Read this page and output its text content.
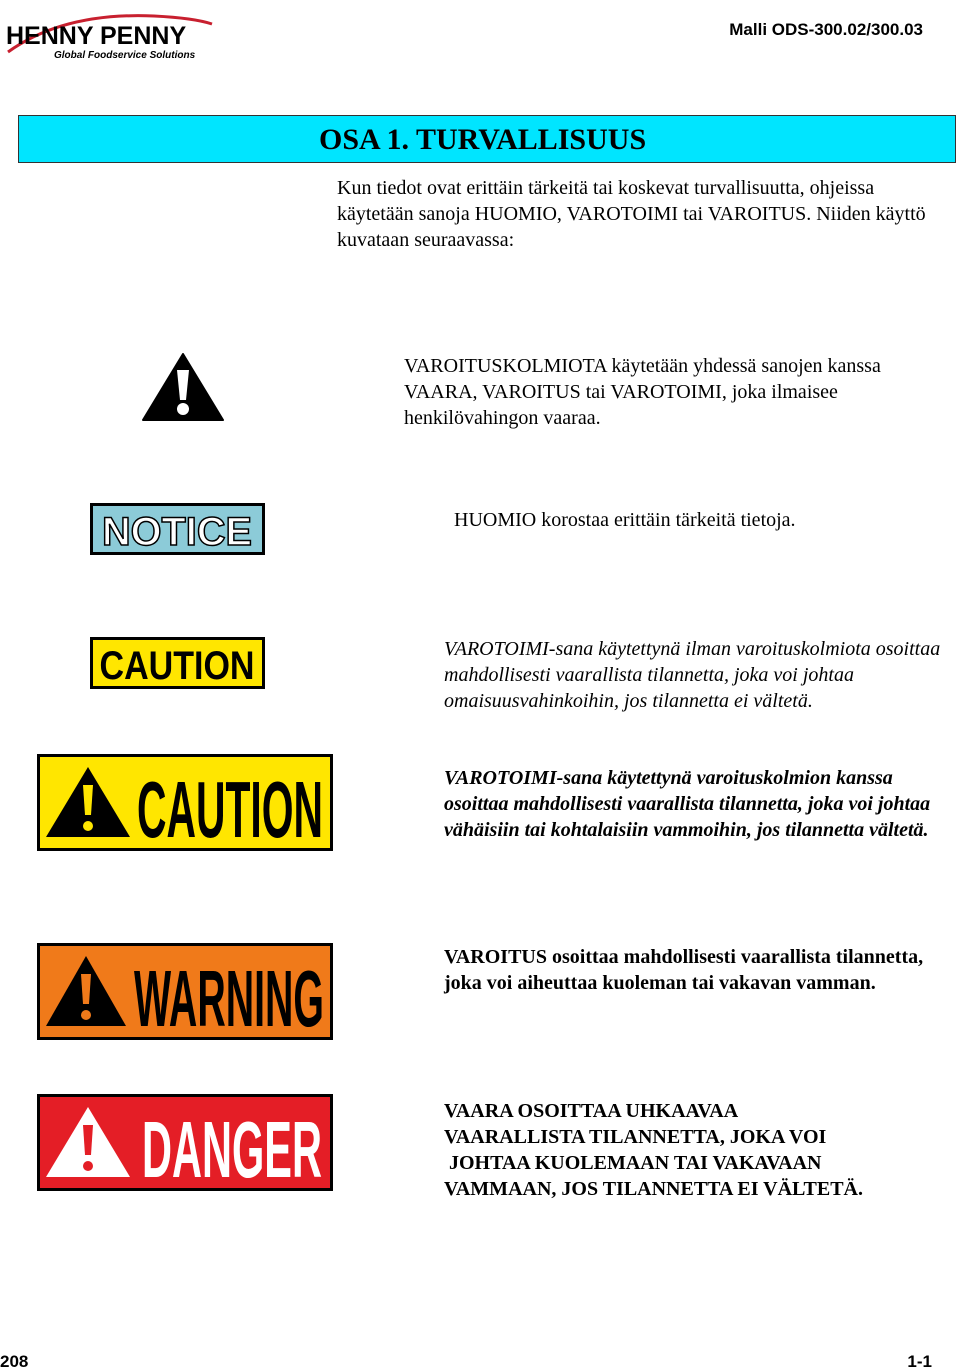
HENNY PENNY
Global Foodservice Solutions
Malli ODS-300.02/300.03
OSA 1. TURVALLISUUS
Kun tiedot ovat erittäin tärkeitä tai koskevat turvallisuutta, ohjeissa käytetään sanoja HUOMIO, VAROTOIMI tai VAROITUS. Niiden käyttö kuvataan seuraavassa:
VAROITUSKOLMIOTA käytetään yhdessä sanojen kanssa VAARA, VAROITUS tai VAROTOIMI, joka ilmaisee henkilövahingon vaaraa.
NOTICE	HUOMIO korostaa erittäin tärkeitä tietoja.
CAUTION	VAROTOIMI-sana käytettynä ilman varoituskolmiota osoittaa mahdollisesti vaarallista tilannetta, joka voi johtaa omaisuusvahinkoihin, jos tilannetta ei vältetä.
CAUTION	VAROTOIMI-sana käytettynä varoituskolmion kanssa osoittaa mahdollisesti vaarallista tilannetta, joka voi johtaa vähäisiin tai kohtalaisiin vammoihin, jos tilannetta vältetä.
WARNING	VAROITUS osoittaa mahdollisesti vaarallista tilannetta, joka voi aiheuttaa kuoleman tai vakavan vamman.
DANGER	VAARA OSOITTAA UHKAAVAA
VAARALLISTA TILANNETTA, JOKA VOI
JOHTAA KUOLEMAAN TAI VAKAVAAN
VAMMAAN, JOS TILANNETTA EI VÄLTETÄ.
208	1-1
